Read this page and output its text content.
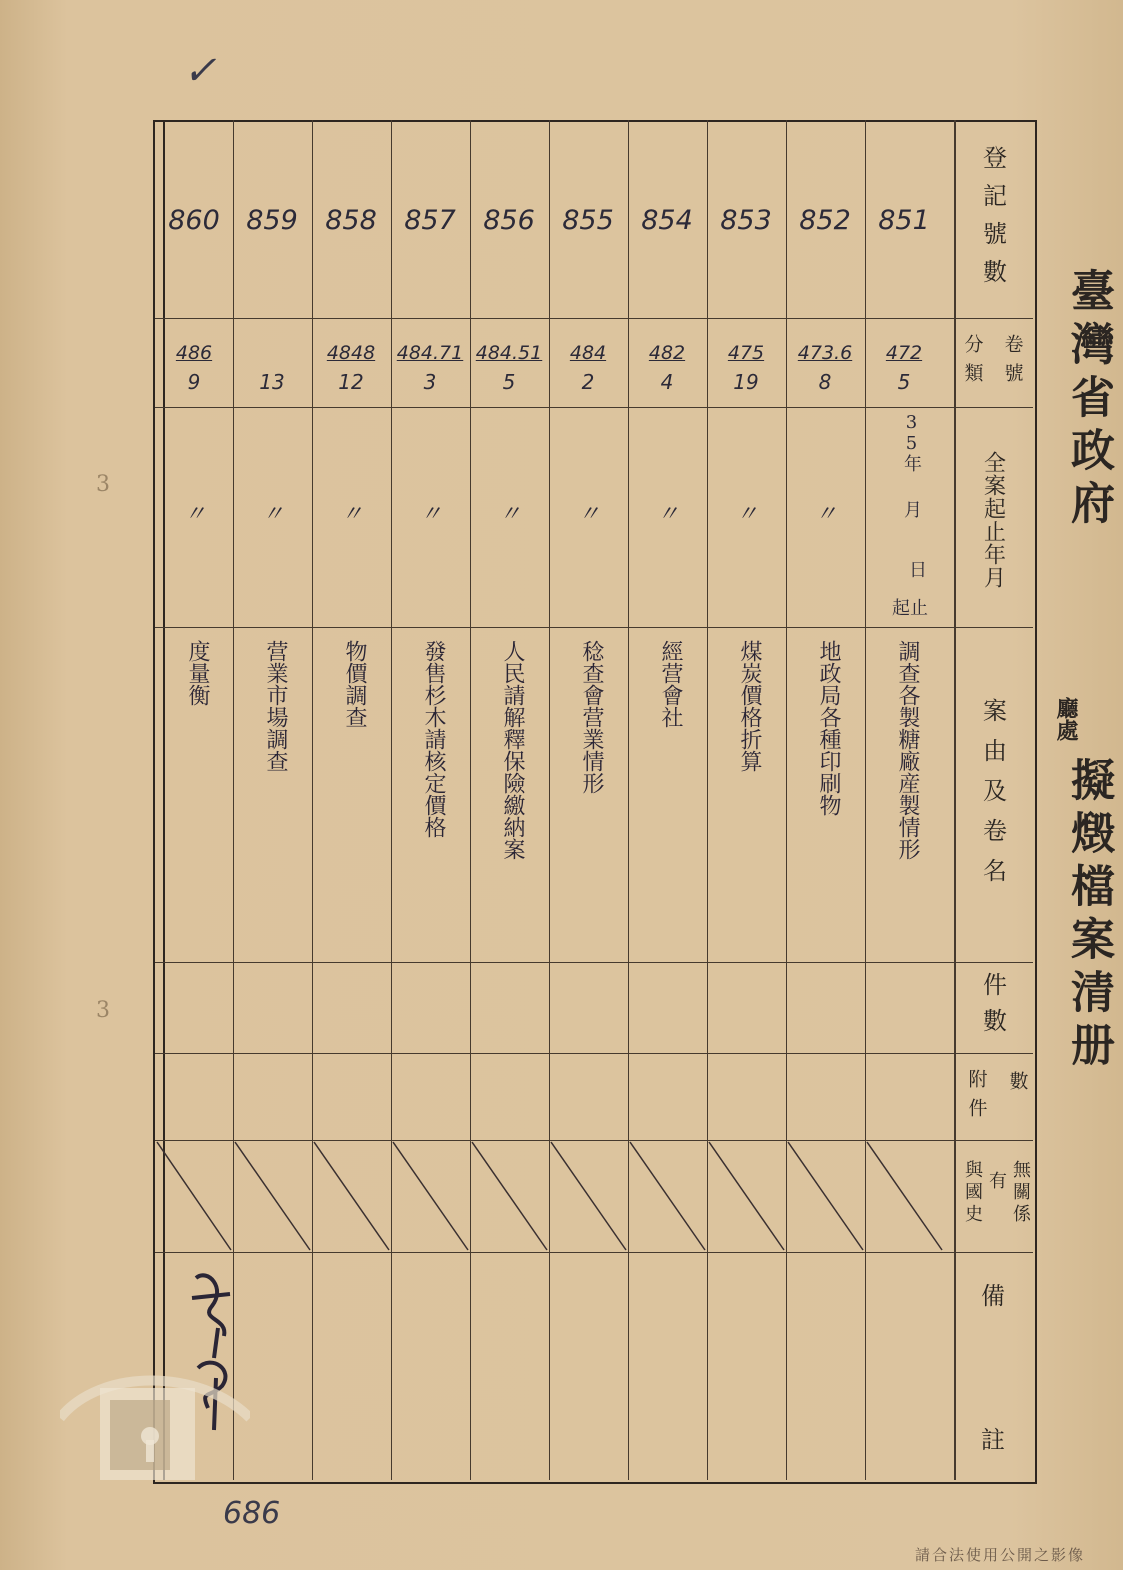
✓
3
3
臺灣省政府
廳處
擬燬檔案清册
登記號數
卷號
分類
全案起止年月
案由及卷名
件數
數
附件
無關係
有
與國史
備
註
35年
月
日
起止
851
472
5
調查各製糖廠産製情形
852
473.6
8
〃
地政局各種印刷物
853
475
19
〃
煤炭價格折算
854
482
4
〃
經营會社
855
484
2
〃
稔查會营業情形
856
484.51
5
〃
人民請解釋保險繳納案
857
484.71
3
〃
發售杉木請核定價格
858
4848
12
〃
物價調查
859
13
〃
营業市場調查
860
486
9
〃
度量衡
686
請合法使用公開之影像
